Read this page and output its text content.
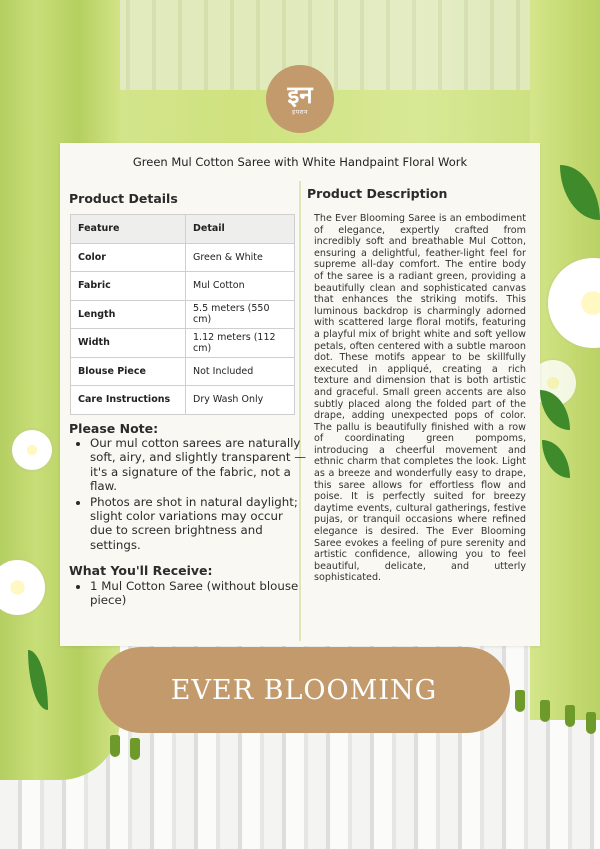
इन
इपरान
Green Mul Cotton Saree with White Handpaint Floral Work
Product Details
Feature	Detail
Color	Green & White
Fabric	Mul Cotton
Length	5.5 meters (550 cm)
Width	1.12 meters (112 cm)
Blouse Piece	Not Included
Care Instructions	Dry Wash Only
Please Note:
• Our mul cotton sarees are naturally soft, airy, and slightly transparent — it's a signature of the fabric, not a flaw.
• Photos are shot in natural daylight; slight color variations may occur due to screen brightness and settings.
What You'll Receive:
• 1 Mul Cotton Saree (without blouse piece)
Product Description
The Ever Blooming Saree is an embodiment of elegance, expertly crafted from incredibly soft and breathable Mul Cotton, ensuring a delightful, feather-light feel for supreme all-day comfort. The entire body of the saree is a radiant green, providing a beautifully clean and sophisticated canvas that enhances the striking motifs. This luminous backdrop is charmingly adorned with scattered large floral motifs, featuring a playful mix of bright white and soft yellow petals, often centered with a subtle maroon dot. These motifs appear to be skillfully executed in appliqué, creating a rich texture and dimension that is both artistic and graceful. Small green accents are also subtly placed along the folded part of the drape, adding unexpected pops of color. The pallu is beautifully finished with a row of coordinating green pompoms, introducing a cheerful movement and ethnic charm that completes the look. Light as a breeze and wonderfully easy to drape, this saree allows for effortless flow and poise. It is perfectly suited for breezy daytime events, cultural gatherings, festive pujas, or tranquil occasions where refined elegance is desired. The Ever Blooming Saree evokes a feeling of pure serenity and artistic confidence, allowing you to feel beautiful, delicate, and utterly sophisticated.
EVER BLOOMING
